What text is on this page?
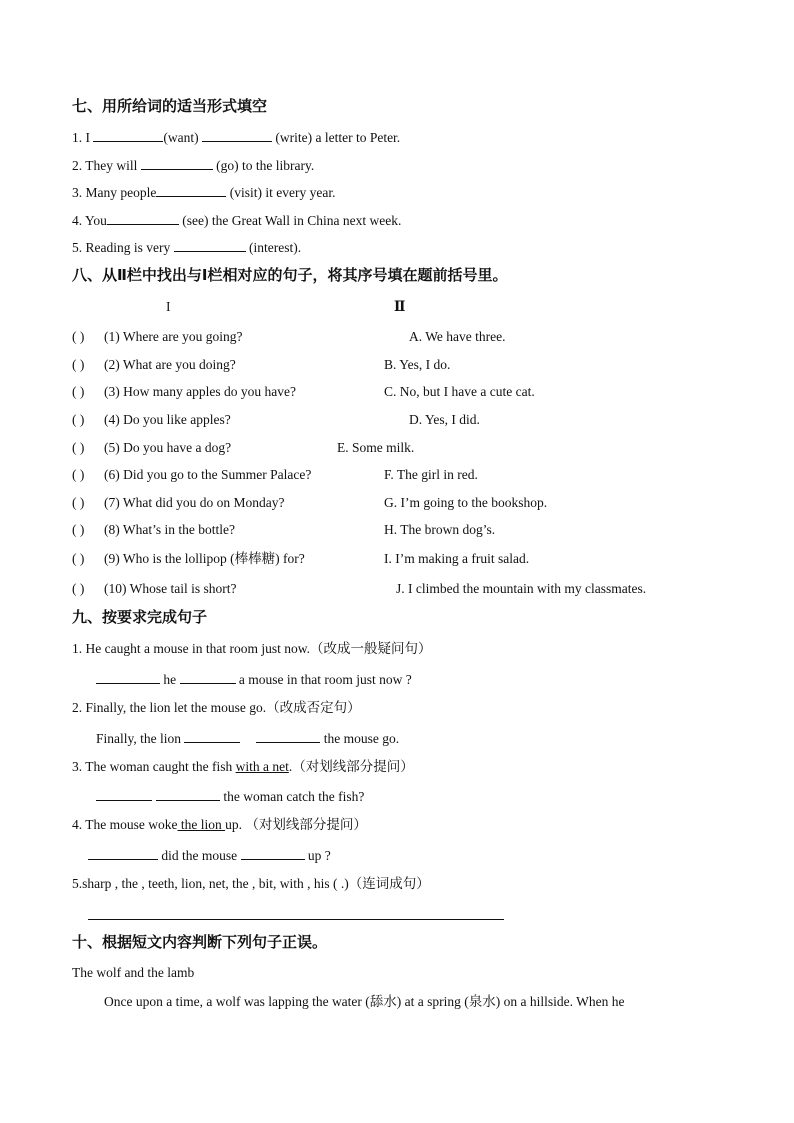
七、用所给词的适当形式填空
1. I	(want)	(write) a letter to Peter.
2. They will	(go) to the library.
3. Many people	(visit) it every year.
4. You	(see) the Great Wall in China next week.
5. Reading is very	(interest).
八、从Ⅱ栏中找出与Ⅰ栏相对应的句子，将其序号填在题前括号里。
I	Ⅱ
( ) (1) Where are you going?	A. We have three.
( ) (2) What are you doing?	B. Yes, I do.
( ) (3) How many apples do you have?	C. No, but I have a cute cat.
( ) (4) Do you like apples?	D. Yes, I did.
( ) (5) Do you have a dog?	E. Some milk.
( ) (6) Did you go to the Summer Palace?	F. The girl in red.
( ) (7) What did you do on Monday?	G. I’m going to the bookshop.
( ) (8) What’s in the bottle?	H. The brown dog’s.
( ) (9) Who is the lollipop (棒棒糖) for?	I. I’m making a fruit salad.
( ) (10) Whose tail is short?	J. I climbed the mountain with my classmates.
九、按要求完成句子
1. He caught a mouse in that room just now.（改成一般疑问句）
he	a mouse in that room just now ?
2. Finally, the lion let the mouse go.（改成否定句）
Finally, the lion	the mouse go.
3. The woman caught the fish with a net.（对划线部分提问）
the woman catch the fish?
4. The mouse woke the lion up. （对划线部分提问）
did the mouse	up ?
5.sharp , the , teeth, lion, net, the , bit, with , his ( .)（连词成句）
十、根据短文内容判断下列句子正误。
The wolf and the lamb
Once upon a time, a wolf was lapping the water (舔水) at a spring (泉水) on a hillside. When he
